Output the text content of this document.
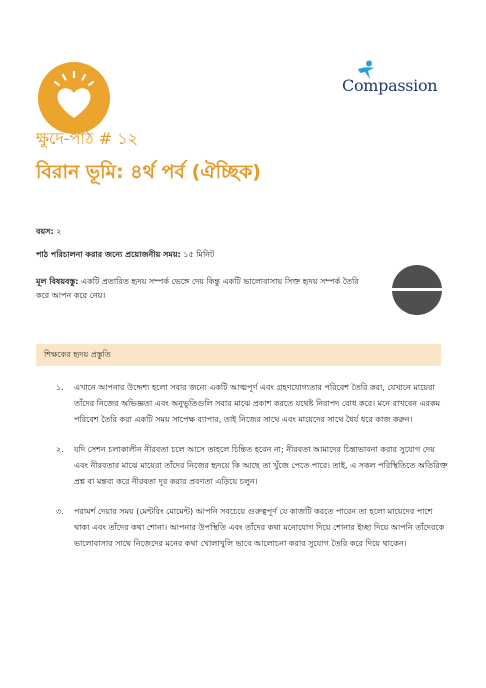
Compassion
ক্ষুদে-পাঠ # ১২
বিরান ভূমি: ৪র্থ পর্ব (ঐচ্ছিক)
বয়স: ২
পাঠ পরিচালনা করার জন্যে প্রয়োজনীয় সময়: ১৫ মিনিট
মূল বিষয়বস্তু: একটি প্রতারিত হৃদয় সম্পর্ক ভেঙ্গে দেয় কিন্তু একটি ভালোবাসায় সিক্ত হৃদয় সম্পর্ক তৈরি করে আপন করে নেয়।
শিক্ষকের হৃদয় প্রস্তুতি
১. এখানে আপনার উদ্দেশ্য হলো সবার জন্যে একটি আত্মপূর্ণ এবং গ্রহণযোগ্যতার পরিবেশ তৈরি করা, যেখানে মায়েরা তাঁদের নিজের অভিজ্ঞতা এবং অনুভূতিগুলি সবার মাঝে প্রকাশ করতে যথেষ্ট নিরাপদ বোধ করে। মনে রাখবেন এরকম পরিবেশ তৈরি করা একটি সময় সাপেক্ষ ব্যাপার, তাই নিজের সাথে এবং মায়েদের সাথে ধৈর্য ধরে কাজ করুন।
২. যদি সেশন চলাকালীন নীরবতা চলে আসে তাহলে চিন্তিত হবেন না; নীরবতা আমাদের চিন্তাভাবনা করার সুযোগ দেয় এবং নীরবতার মাঝে মায়েরা তাঁদের নিজের হৃদয়ে কি আছে তা খুঁজে পেতে পারে। তাই, এ সকল পরিস্থিতিতে অতিরিক্ত প্রশ্ন বা মন্তব্য করে নীরবতা দূর করার প্রবণতা এড়িয়ে চলুন।
৩. পরামর্শ দেয়ার সময় (মেন্টরিং মোমেন্ট) আপনি সবচেয়ে গুরুত্বপূর্ণ যে কাজটি করতে পারেন তা হলো মায়েদের পাশে থাকা এবং তাঁদের কথা শোনা। আপনার উপস্থিতি এবং তাঁদের কথা মনোযোগ দিয়ে শোনার ইচ্ছা দিয়ে আপনি তাঁদেরকে ভালোবাসার সাথে নিজেদের মনের কথা খোলাখুলি ভাবে আলোচনা করার সুযোগ তৈরি করে দিয়ে থাকেন।
